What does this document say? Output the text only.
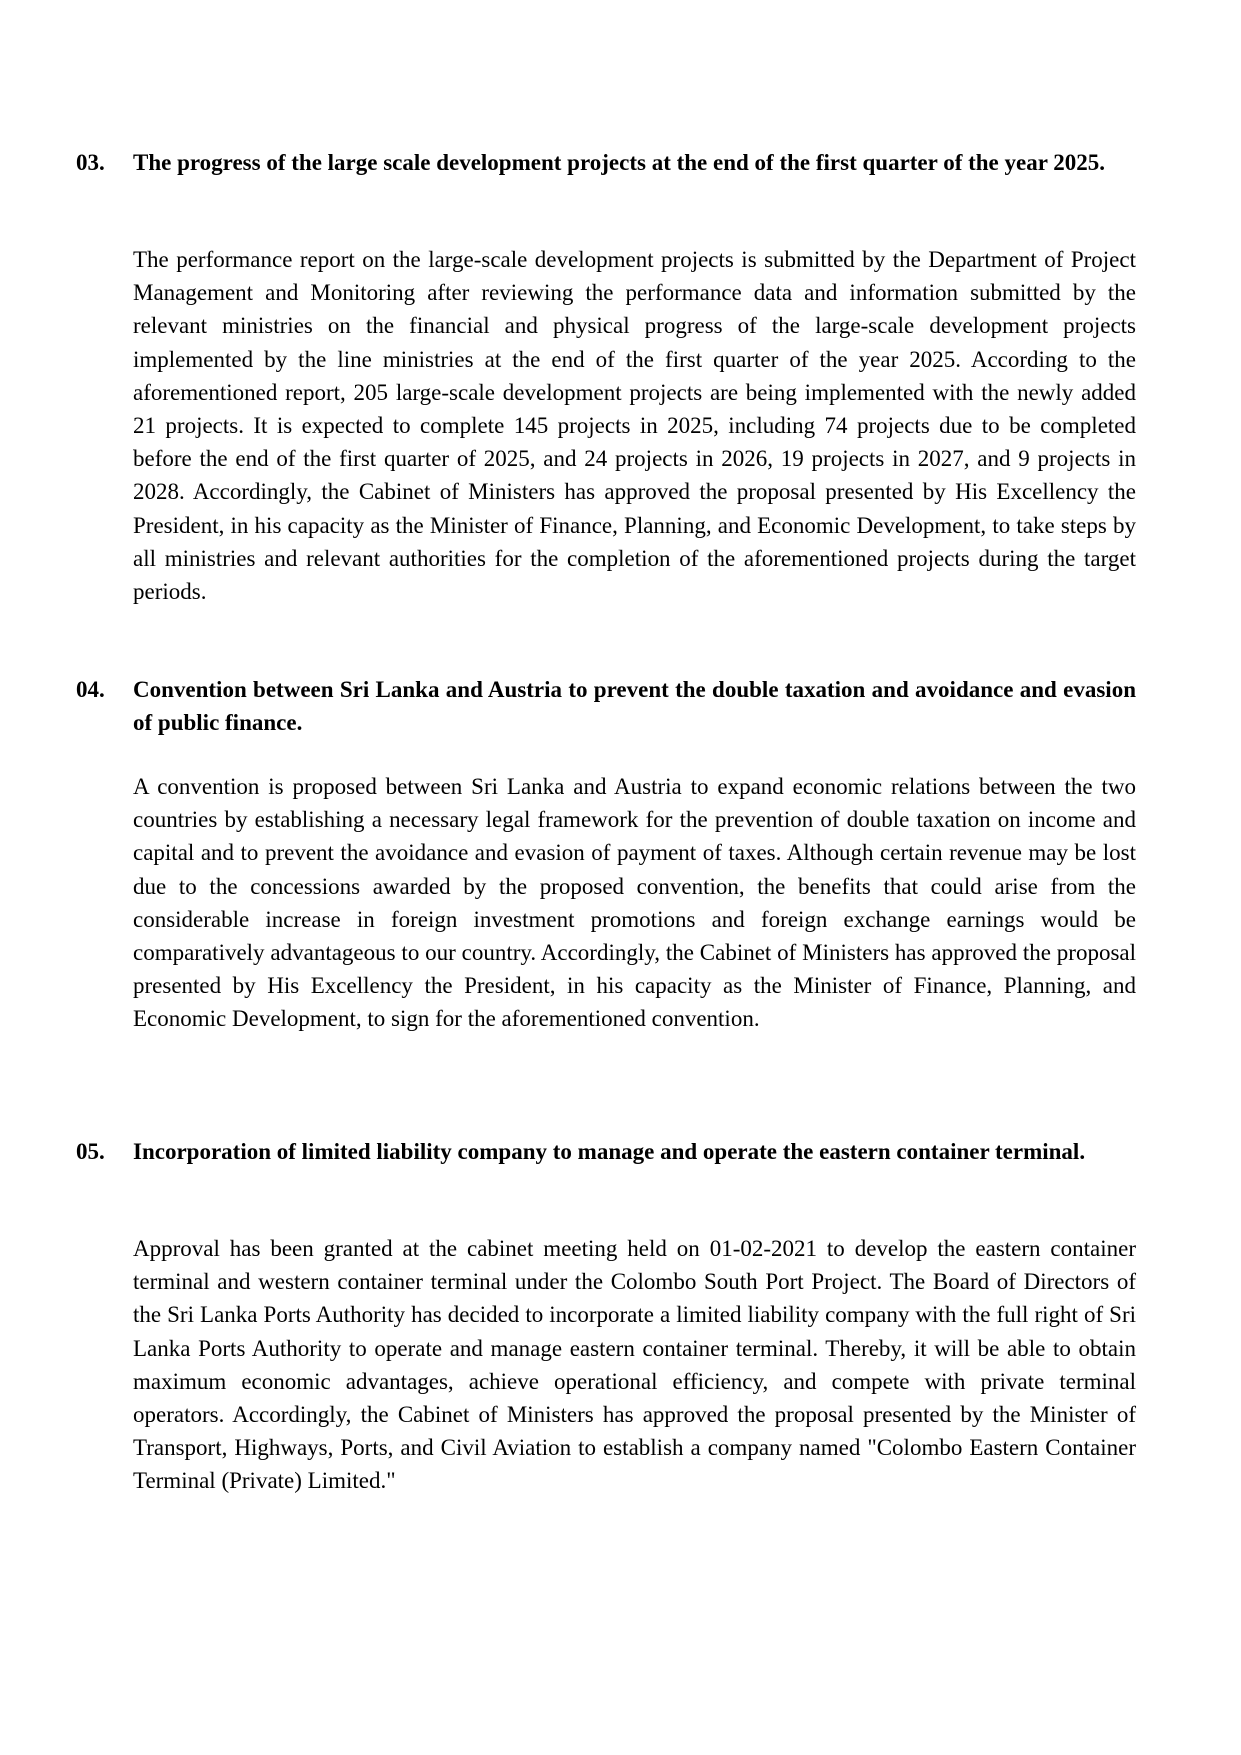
03.	The progress of the large scale development projects at the end of the first quarter of the year 2025.

The performance report on the large-scale development projects is submitted by the Department of Project Management and Monitoring after reviewing the performance data and information submitted by the relevant ministries on the financial and physical progress of the large-scale development projects implemented by the line ministries at the end of the first quarter of the year 2025. According to the aforementioned report, 205 large-scale development projects are being implemented with the newly added 21 projects. It is expected to complete 145 projects in 2025, including 74 projects due to be completed before the end of the first quarter of 2025, and 24 projects in 2026, 19 projects in 2027, and 9 projects in 2028. Accordingly, the Cabinet of Ministers has approved the proposal presented by His Excellency the President, in his capacity as the Minister of Finance, Planning, and Economic Development, to take steps by all ministries and relevant authorities for the completion of the aforementioned projects during the target periods.

04.	Convention between Sri Lanka and Austria to prevent the double taxation and avoidance and evasion of public finance.

A convention is proposed between Sri Lanka and Austria to expand economic relations between the two countries by establishing a necessary legal framework for the prevention of double taxation on income and capital and to prevent the avoidance and evasion of payment of taxes. Although certain revenue may be lost due to the concessions awarded by the proposed convention, the benefits that could arise from the considerable increase in foreign investment promotions and foreign exchange earnings would be comparatively advantageous to our country. Accordingly, the Cabinet of Ministers has approved the proposal presented by His Excellency the President, in his capacity as the Minister of Finance, Planning, and Economic Development, to sign for the aforementioned convention.

05.	Incorporation of limited liability company to manage and operate the eastern container terminal.

Approval has been granted at the cabinet meeting held on 01-02-2021 to develop the eastern container terminal and western container terminal under the Colombo South Port Project. The Board of Directors of the Sri Lanka Ports Authority has decided to incorporate a limited liability company with the full right of Sri Lanka Ports Authority to operate and manage eastern container terminal. Thereby, it will be able to obtain maximum economic advantages, achieve operational efficiency, and compete with private terminal operators. Accordingly, the Cabinet of Ministers has approved the proposal presented by the Minister of Transport, Highways, Ports, and Civil Aviation to establish a company named "Colombo Eastern Container Terminal (Private) Limited."
